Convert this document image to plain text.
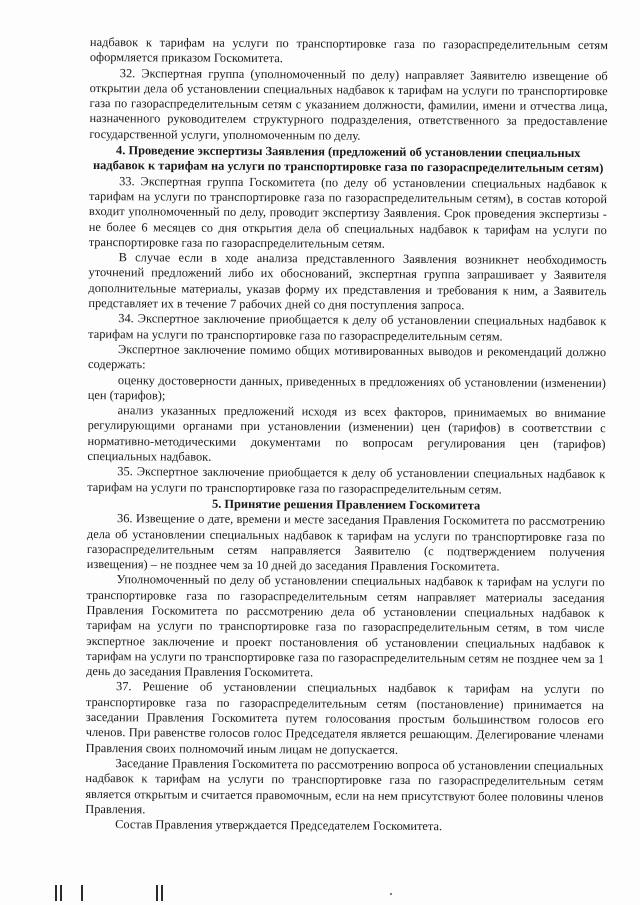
надбавок к тарифам на услуги по транспортировке газа по газораспределительным сетям оформляется приказом Госкомитета.

32. Экспертная группа (уполномоченный по делу) направляет Заявителю извещение об открытии дела об установлении специальных надбавок к тарифам на услуги по транспортировке газа по газораспределительным сетям с указанием должности, фамилии, имени и отчества лица, назначенного руководителем структурного подразделения, ответственного за предоставление государственной услуги, уполномоченным по делу.

4. Проведение экспертизы Заявления (предложений об установлении специальных надбавок к тарифам на услуги по транспортировке газа по газораспределительным сетям)

33. Экспертная группа Госкомитета (по делу об установлении специальных надбавок к тарифам на услуги по транспортировке газа по газораспределительным сетям), в состав которой входит уполномоченный по делу, проводит экспертизу Заявления. Срок проведения экспертизы - не более 6 месяцев со дня открытия дела об специальных надбавок к тарифам на услуги по транспортировке газа по газораспределительным сетям.

В случае если в ходе анализа представленного Заявления возникнет необходимость уточнений предложений либо их обоснований, экспертная группа запрашивает у Заявителя дополнительные материалы, указав форму их представления и требования к ним, а Заявитель представляет их в течение 7 рабочих дней со дня поступления запроса.

34. Экспертное заключение приобщается к делу об установлении специальных надбавок к тарифам на услуги по транспортировке газа по газораспределительным сетям.

Экспертное заключение помимо общих мотивированных выводов и рекомендаций должно содержать:

оценку достоверности данных, приведенных в предложениях об установлении (изменении) цен (тарифов);

анализ указанных предложений исходя из всех факторов, принимаемых во внимание регулирующими органами при установлении (изменении) цен (тарифов) в соответствии с нормативно-методическими документами по вопросам регулирования цен (тарифов) специальных надбавок.

35. Экспертное заключение приобщается к делу об установлении специальных надбавок к тарифам на услуги по транспортировке газа по газораспределительным сетям.

5. Принятие решения Правлением Госкомитета

36. Извещение о дате, времени и месте заседания Правления Госкомитета по рассмотрению дела об установлении специальных надбавок к тарифам на услуги по транспортировке газа по газораспределительным сетям направляется Заявителю (с подтверждением получения извещения) – не позднее чем за 10 дней до заседания Правления Госкомитета.

Уполномоченный по делу об установлении специальных надбавок к тарифам на услуги по транспортировке газа по газораспределительным сетям направляет материалы заседания Правления Госкомитета по рассмотрению дела об установлении специальных надбавок к тарифам на услуги по транспортировке газа по газораспределительным сетям, в том числе экспертное заключение и проект постановления об установлении специальных надбавок к тарифам на услуги по транспортировке газа по газораспределительным сетям не позднее чем за 1 день до заседания Правления Госкомитета.

37. Решение об установлении специальных надбавок к тарифам на услуги по транспортировке газа по газораспределительным сетям (постановление) принимается на заседании Правления Госкомитета путем голосования простым большинством голосов его членов. При равенстве голосов голос Председателя является решающим. Делегирование членами Правления своих полномочий иным лицам не допускается.

Заседание Правления Госкомитета по рассмотрению вопроса об установлении специальных надбавок к тарифам на услуги по транспортировке газа по газораспределительным сетям является открытым и считается правомочным, если на нем присутствуют более половины членов Правления.

Состав Правления утверждается Председателем Госкомитета.
